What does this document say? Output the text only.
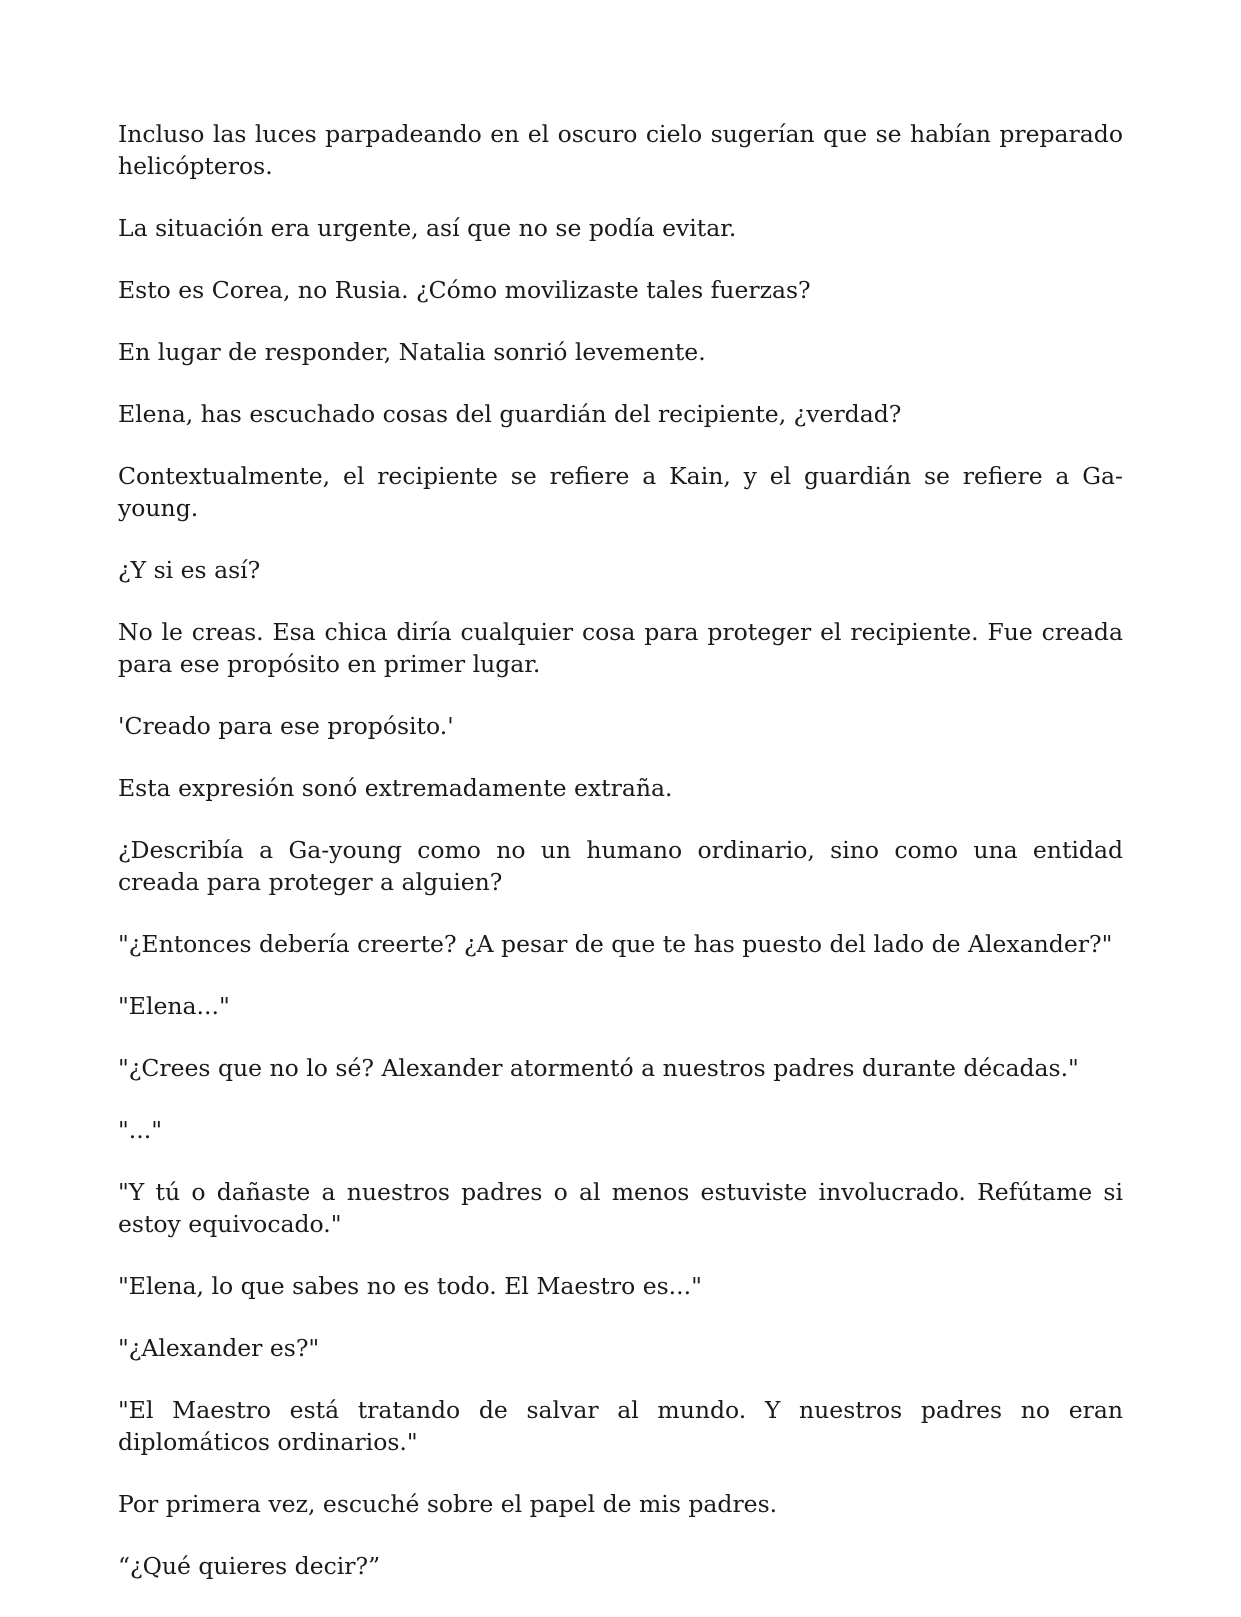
Incluso las luces parpadeando en el oscuro cielo sugerían que se habían preparado helicópteros.

La situación era urgente, así que no se podía evitar.

Esto es Corea, no Rusia. ¿Cómo movilizaste tales fuerzas?

En lugar de responder, Natalia sonrió levemente.

Elena, has escuchado cosas del guardián del recipiente, ¿verdad?

Contextualmente, el recipiente se refiere a Kain, y el guardián se refiere a Ga-young.

¿Y si es así?

No le creas. Esa chica diría cualquier cosa para proteger el recipiente. Fue creada para ese propósito en primer lugar.

'Creado para ese propósito.'

Esta expresión sonó extremadamente extraña.

¿Describía a Ga-young como no un humano ordinario, sino como una entidad creada para proteger a alguien?

"¿Entonces debería creerte? ¿A pesar de que te has puesto del lado de Alexander?"

"Elena..."

"¿Crees que no lo sé? Alexander atormentó a nuestros padres durante décadas."

"..."

"Y tú o dañaste a nuestros padres o al menos estuviste involucrado. Refútame si estoy equivocado."

"Elena, lo que sabes no es todo. El Maestro es..."

"¿Alexander es?"

"El Maestro está tratando de salvar al mundo. Y nuestros padres no eran diplomáticos ordinarios."

Por primera vez, escuché sobre el papel de mis padres.

“¿Qué quieres decir?”
